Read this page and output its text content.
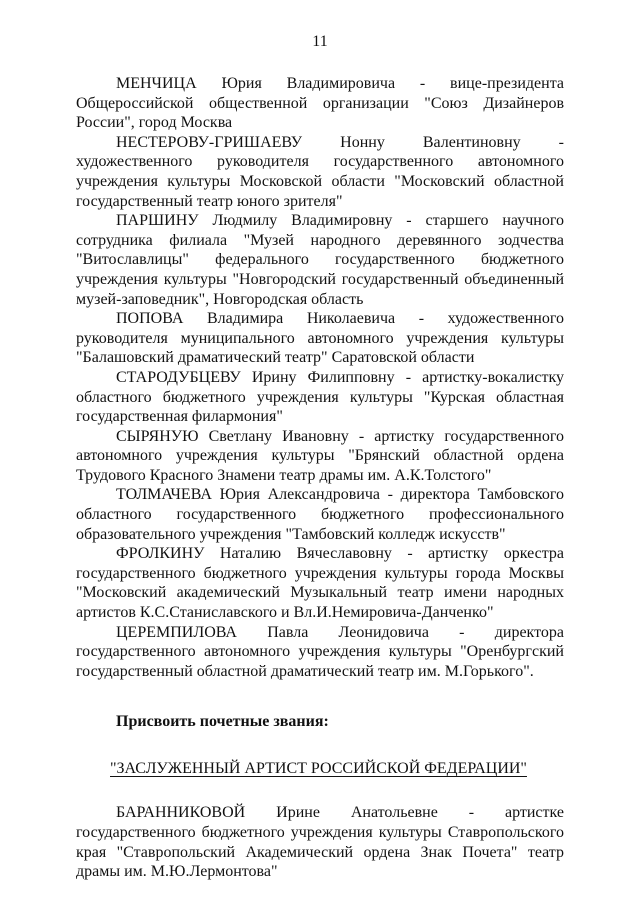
11

МЕНЧИЦА Юрия Владимировича - вице-президента Общероссийской общественной организации "Союз Дизайнеров России", город Москва

НЕСТЕРОВУ-ГРИШАЕВУ Нонну Валентиновну - художественного руководителя государственного автономного учреждения культуры Московской области "Московский областной государственный театр юного зрителя"

ПАРШИНУ Людмилу Владимировну - старшего научного сотрудника филиала "Музей народного деревянного зодчества "Витославлицы" федерального государственного бюджетного учреждения культуры "Новгородский государственный объединенный музей-заповедник", Новгородская область

ПОПОВА Владимира Николаевича - художественного руководителя муниципального автономного учреждения культуры "Балашовский драматический театр" Саратовской области

СТАРОДУБЦЕВУ Ирину Филипповну - артистку-вокалистку областного бюджетного учреждения культуры "Курская областная государственная филармония"

СЫРЯНУЮ Светлану Ивановну - артистку государственного автономного учреждения культуры "Брянский областной ордена Трудового Красного Знамени театр драмы им. А.К.Толстого"

ТОЛМАЧЕВА Юрия Александровича - директора Тамбовского областного государственного бюджетного профессионального образовательного учреждения "Тамбовский колледж искусств"

ФРОЛКИНУ Наталию Вячеславовну - артистку оркестра государственного бюджетного учреждения культуры города Москвы "Московский академический Музыкальный театр имени народных артистов К.С.Станиславского и Вл.И.Немировича-Данченко"

ЦЕРЕМПИЛОВА Павла Леонидовича - директора государственного автономного учреждения культуры "Оренбургский государственный областной драматический театр им. М.Горького".

Присвоить почетные звания:
"ЗАСЛУЖЕННЫЙ АРТИСТ РОССИЙСКОЙ ФЕДЕРАЦИИ"

БАРАННИКОВОЙ Ирине Анатольевне - артистке государственного бюджетного учреждения культуры Ставропольского края "Ставропольский Академический ордена Знак Почета" театр драмы им. М.Ю.Лермонтова"
